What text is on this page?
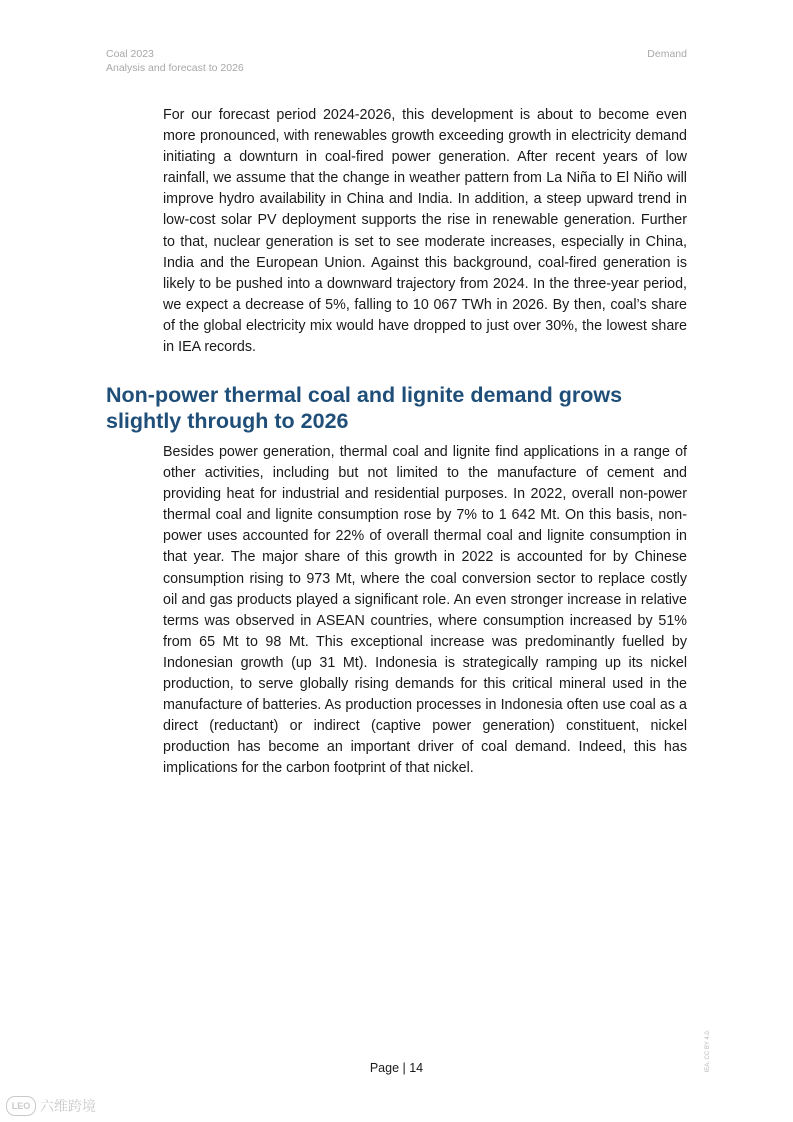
Coal 2023
Analysis and forecast to 2026
Demand

For our forecast period 2024-2026, this development is about to become even more pronounced, with renewables growth exceeding growth in electricity demand initiating a downturn in coal-fired power generation. After recent years of low rainfall, we assume that the change in weather pattern from La Niña to El Niño will improve hydro availability in China and India. In addition, a steep upward trend in low-cost solar PV deployment supports the rise in renewable generation. Further to that, nuclear generation is set to see moderate increases, especially in China, India and the European Union. Against this background, coal-fired generation is likely to be pushed into a downward trajectory from 2024. In the three-year period, we expect a decrease of 5%, falling to 10 067 TWh in 2026. By then, coal’s share of the global electricity mix would have dropped to just over 30%, the lowest share in IEA records.

Non-power thermal coal and lignite demand grows slightly through to 2026

Besides power generation, thermal coal and lignite find applications in a range of other activities, including but not limited to the manufacture of cement and providing heat for industrial and residential purposes. In 2022, overall non-power thermal coal and lignite consumption rose by 7% to 1 642 Mt. On this basis, non-power uses accounted for 22% of overall thermal coal and lignite consumption in that year. The major share of this growth in 2022 is accounted for by Chinese consumption rising to 973 Mt, where the coal conversion sector to replace costly oil and gas products played a significant role. An even stronger increase in relative terms was observed in ASEAN countries, where consumption increased by 51% from 65 Mt to 98 Mt. This exceptional increase was predominantly fuelled by Indonesian growth (up 31 Mt). Indonesia is strategically ramping up its nickel production, to serve globally rising demands for this critical mineral used in the manufacture of batteries. As production processes in Indonesia often use coal as a direct (reductant) or indirect (captive power generation) constituent, nickel production has become an important driver of coal demand. Indeed, this has implications for the carbon footprint of that nickel.

IEA. CC BY 4.0.
Page | 14
LEO 六维跨境
